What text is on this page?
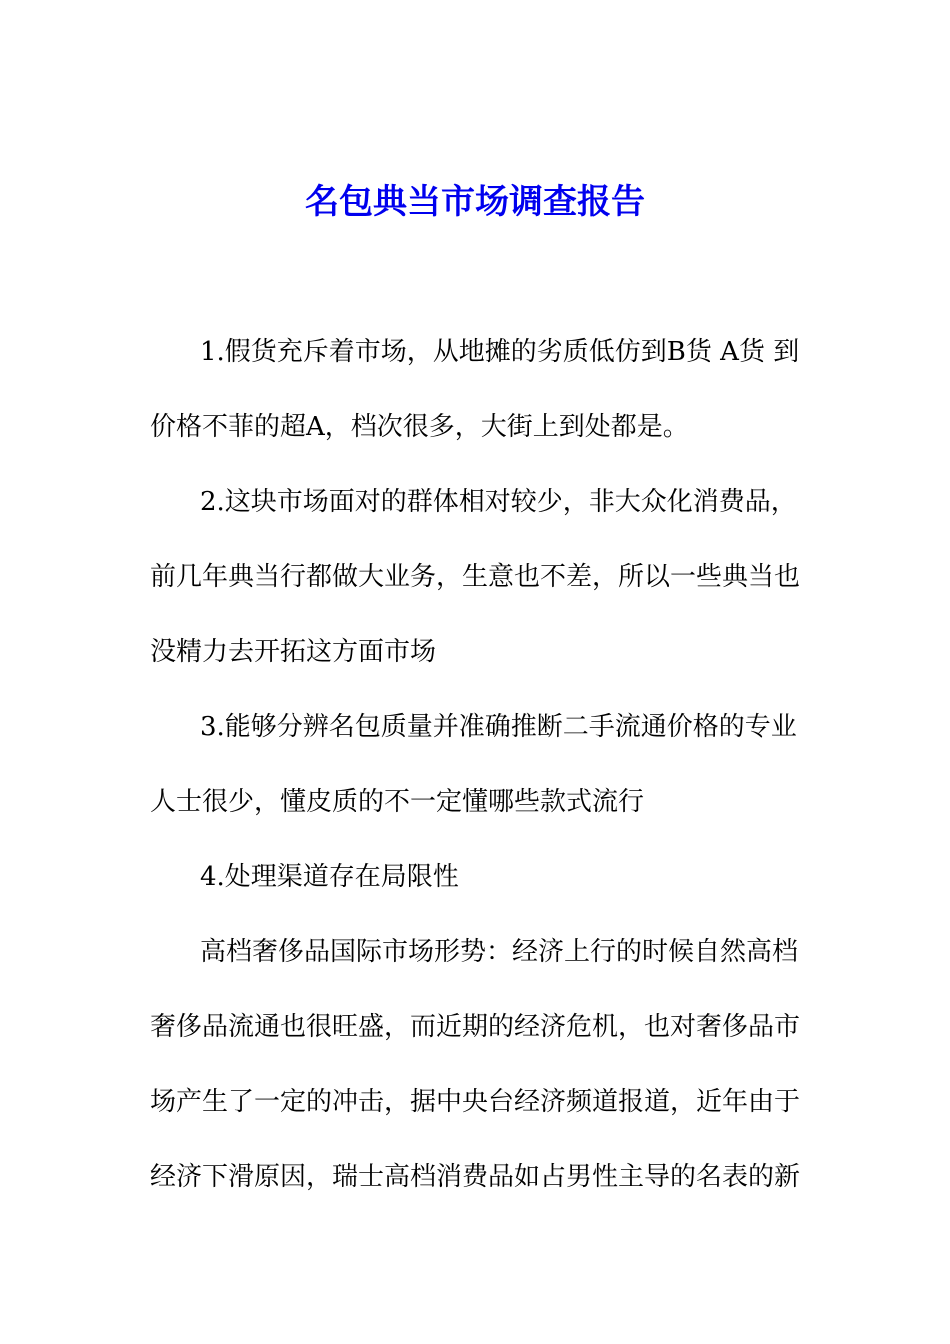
名包典当市场调查报告
1.假货充斥着市场，从地摊的劣质低仿到B货 A货 到
价格不菲的超A，档次很多，大街上到处都是。
2.这块市场面对的群体相对较少，非大众化消费品，
前几年典当行都做大业务，生意也不差，所以一些典当也
没精力去开拓这方面市场
3.能够分辨名包质量并准确推断二手流通价格的专业
人士很少，懂皮质的不一定懂哪些款式流行
4.处理渠道存在局限性
高档奢侈品国际市场形势：经济上行的时候自然高档
奢侈品流通也很旺盛，而近期的经济危机，也对奢侈品市
场产生了一定的冲击，据中央台经济频道报道，近年由于
经济下滑原因，瑞士高档消费品如占男性主导的名表的新
